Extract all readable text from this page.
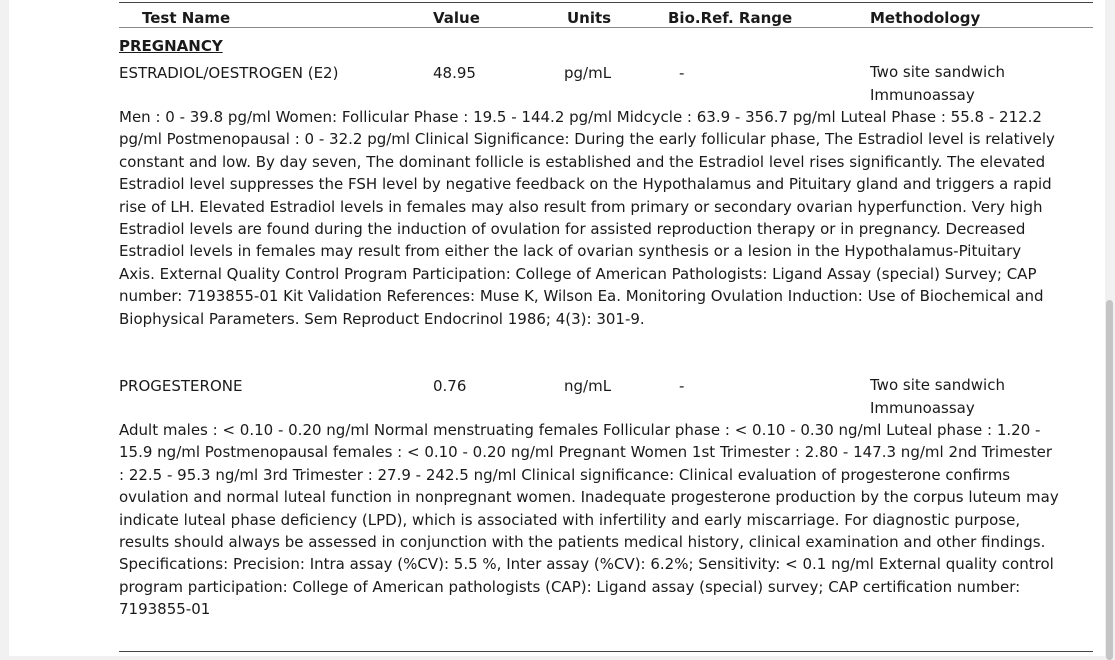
Test Name	Value	Units	Bio.Ref. Range	Methodology
PREGNANCY
ESTRADIOL/OESTROGEN (E2)	48.95	pg/mL	-	Two site sandwich
Immunoassay
Men : 0 - 39.8 pg/ml Women: Follicular Phase : 19.5 - 144.2 pg/ml Midcycle : 63.9 - 356.7 pg/ml Luteal Phase : 55.8 - 212.2 pg/ml Postmenopausal : 0 - 32.2 pg/ml Clinical Significance: During the early follicular phase, The Estradiol level is relatively constant and low. By day seven, The dominant follicle is established and the Estradiol level rises significantly. The elevated Estradiol level suppresses the FSH level by negative feedback on the Hypothalamus and Pituitary gland and triggers a rapid rise of LH. Elevated Estradiol levels in females may also result from primary or secondary ovarian hyperfunction. Very high Estradiol levels are found during the induction of ovulation for assisted reproduction therapy or in pregnancy. Decreased Estradiol levels in females may result from either the lack of ovarian synthesis or a lesion in the Hypothalamus-Pituitary Axis. External Quality Control Program Participation: College of American Pathologists: Ligand Assay (special) Survey; CAP number: 7193855-01 Kit Validation References: Muse K, Wilson Ea. Monitoring Ovulation Induction: Use of Biochemical and Biophysical Parameters. Sem Reproduct Endocrinol 1986; 4(3): 301-9.
PROGESTERONE	0.76	ng/mL	-	Two site sandwich
Immunoassay
Adult males : < 0.10 - 0.20 ng/ml Normal menstruating females Follicular phase : < 0.10 - 0.30 ng/ml Luteal phase : 1.20 - 15.9 ng/ml Postmenopausal females : < 0.10 - 0.20 ng/ml Pregnant Women 1st Trimester : 2.80 - 147.3 ng/ml 2nd Trimester : 22.5 - 95.3 ng/ml 3rd Trimester : 27.9 - 242.5 ng/ml Clinical significance: Clinical evaluation of progesterone confirms ovulation and normal luteal function in nonpregnant women. Inadequate progesterone production by the corpus luteum may indicate luteal phase deficiency (LPD), which is associated with infertility and early miscarriage. For diagnostic purpose, results should always be assessed in conjunction with the patients medical history, clinical examination and other findings. Specifications: Precision: Intra assay (%CV): 5.5 %, Inter assay (%CV): 6.2%; Sensitivity: < 0.1 ng/ml External quality control program participation: College of American pathologists (CAP): Ligand assay (special) survey; CAP certification number: 7193855-01
